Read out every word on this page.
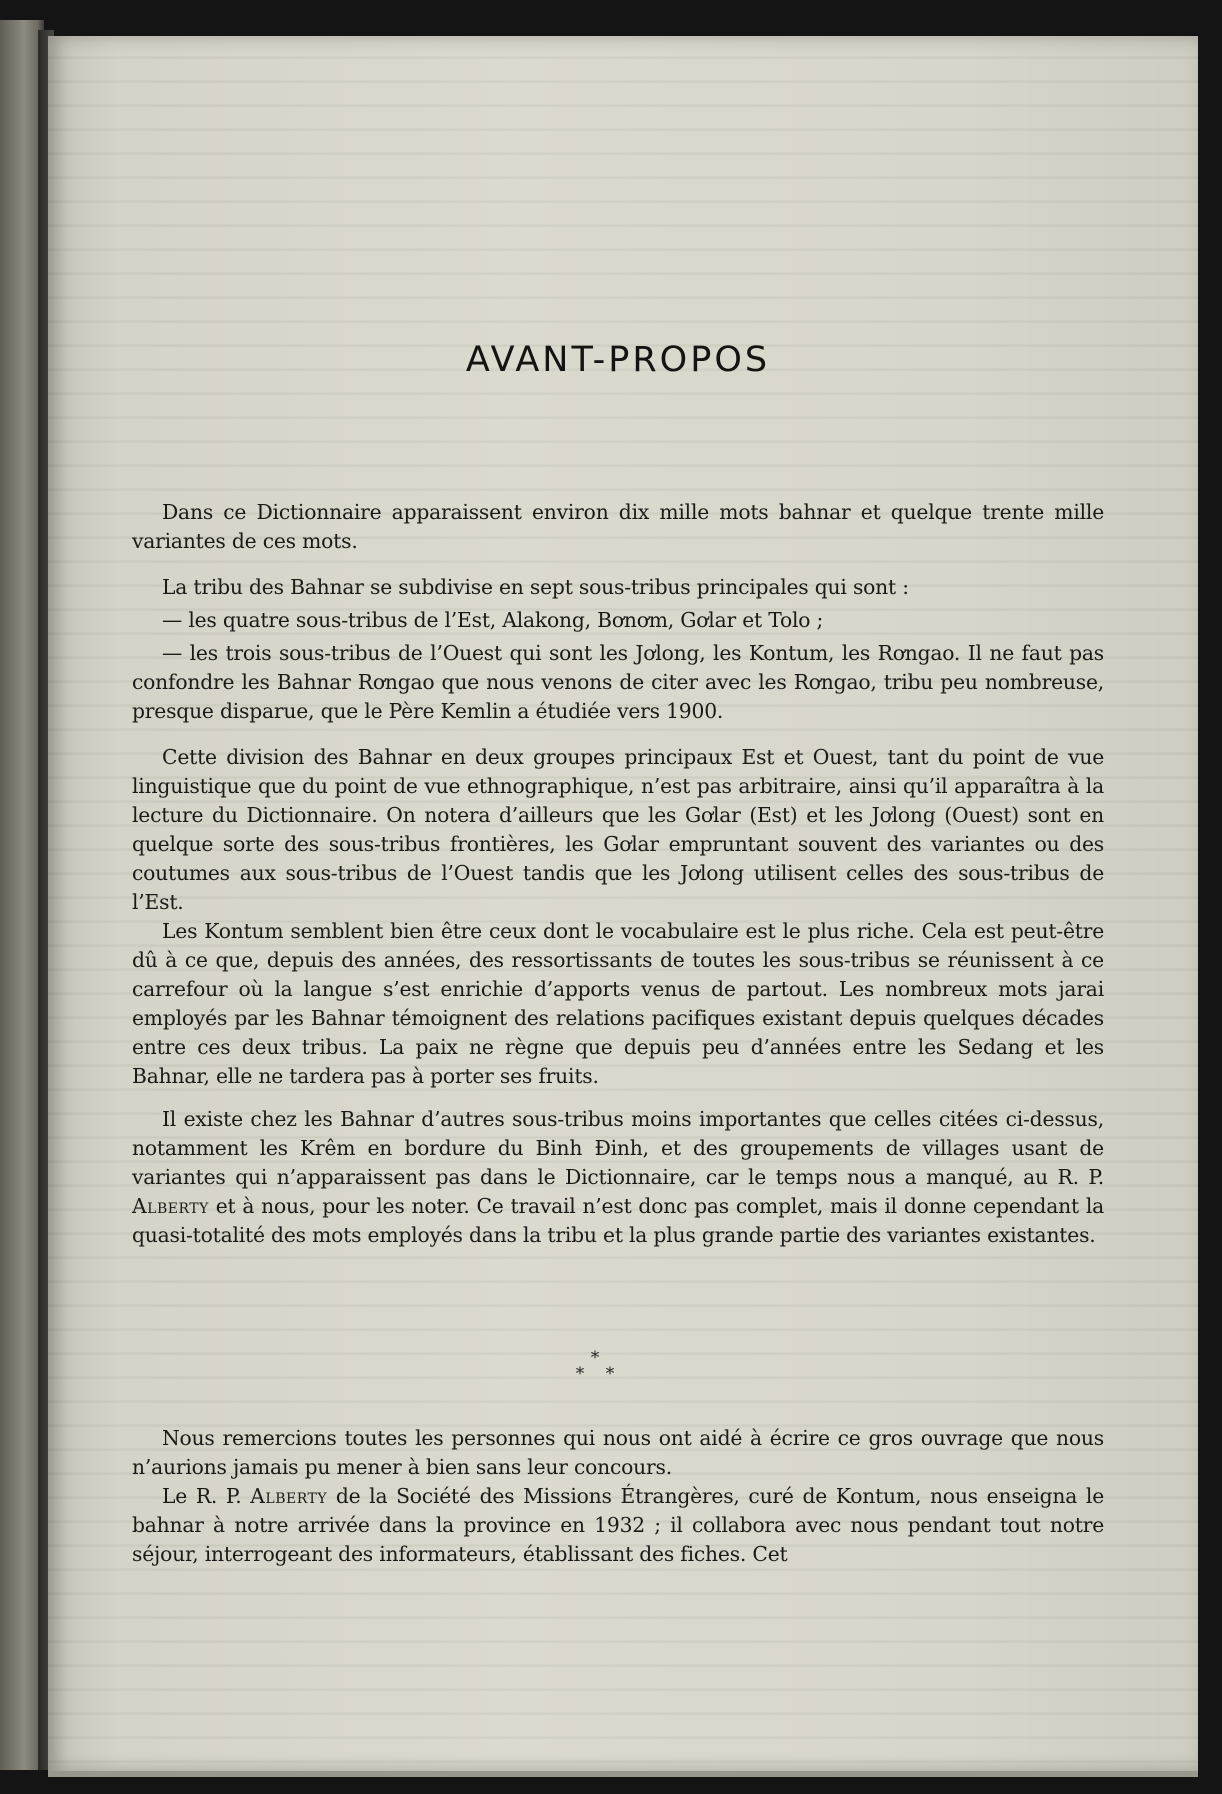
AVANT-PROPOS

Dans ce Dictionnaire apparaissent environ dix mille mots bahnar et quelque trente mille variantes de ces mots.

La tribu des Bahnar se subdivise en sept sous-tribus principales qui sont :

— les quatre sous-tribus de l’Est, Alakong, Bơnơm, Gơlar et Tolo ;

— les trois sous-tribus de l’Ouest qui sont les Jơlong, les Kontum, les Rơngao. Il ne faut pas confondre les Bahnar Rơngao que nous venons de citer avec les Rơngao, tribu peu nombreuse, presque disparue, que le Père Kemlin a étudiée vers 1900.

Cette division des Bahnar en deux groupes principaux Est et Ouest, tant du point de vue linguistique que du point de vue ethnographique, n’est pas arbitraire, ainsi qu’il apparaîtra à la lecture du Dictionnaire. On notera d’ailleurs que les Gơlar (Est) et les Jơlong (Ouest) sont en quelque sorte des sous-tribus frontières, les Gơlar empruntant souvent des variantes ou des coutumes aux sous-tribus de l’Ouest tandis que les Jơlong utilisent celles des sous-tribus de l’Est.

Les Kontum semblent bien être ceux dont le vocabulaire est le plus riche. Cela est peut-être dû à ce que, depuis des années, des ressortissants de toutes les sous-tribus se réunissent à ce carrefour où la langue s’est enrichie d’apports venus de partout. Les nombreux mots jarai employés par les Bahnar témoignent des relations pacifiques existant depuis quelques décades entre ces deux tribus. La paix ne règne que depuis peu d’années entre les Sedang et les Bahnar, elle ne tardera pas à porter ses fruits.

Il existe chez les Bahnar d’autres sous-tribus moins importantes que celles citées ci-dessus, notamment les Krêm en bordure du Binh Đinh, et des groupements de villages usant de variantes qui n’apparaissent pas dans le Dictionnaire, car le temps nous a manqué, au R. P. Alberty et à nous, pour les noter. Ce travail n’est donc pas complet, mais il donne cependant la quasi-totalité des mots employés dans la tribu et la plus grande partie des variantes existantes.

*
* *

Nous remercions toutes les personnes qui nous ont aidé à écrire ce gros ouvrage que nous n’aurions jamais pu mener à bien sans leur concours.

Le R. P. Alberty de la Société des Missions Étrangères, curé de Kontum, nous enseigna le bahnar à notre arrivée dans la province en 1932 ; il collabora avec nous pendant tout notre séjour, interrogeant des informateurs, établissant des fiches. Cet
